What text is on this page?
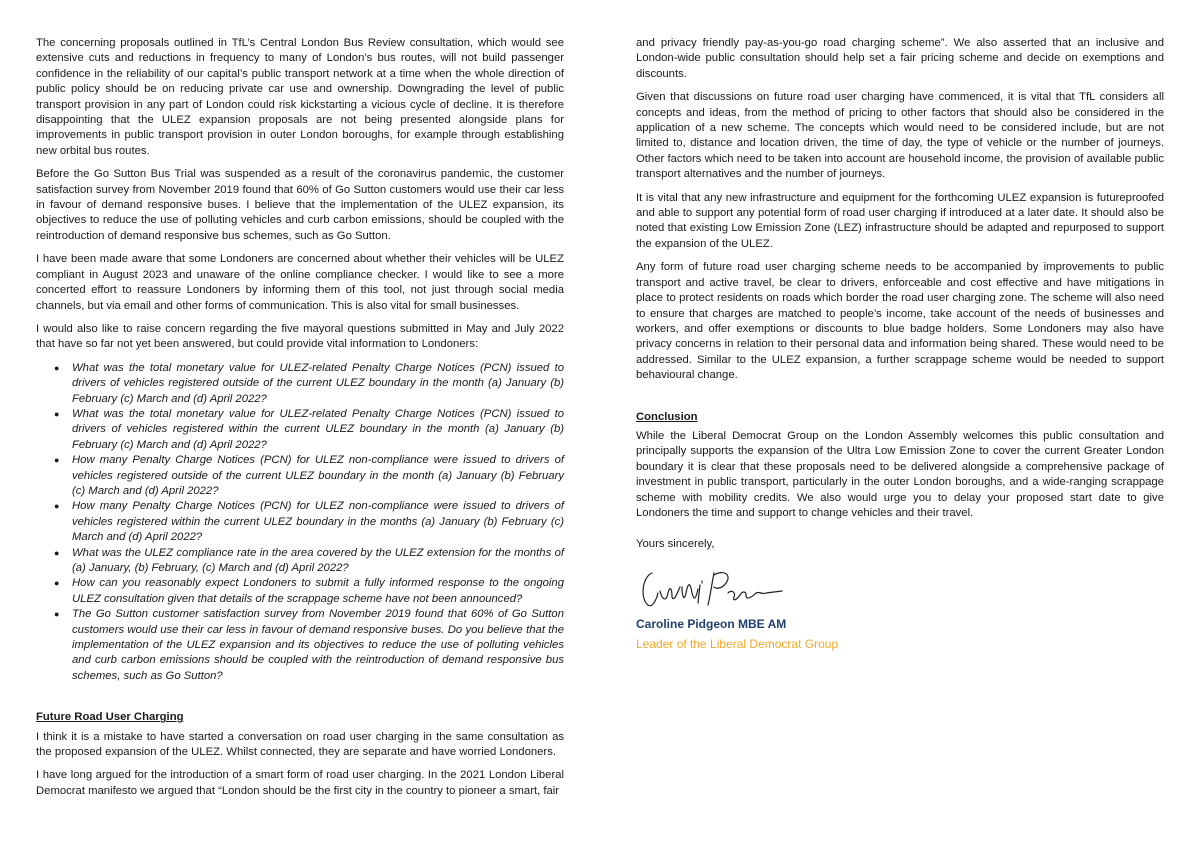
The concerning proposals outlined in TfL’s Central London Bus Review consultation, which would see extensive cuts and reductions in frequency to many of London’s bus routes, will not build passenger confidence in the reliability of our capital’s public transport network at a time when the whole direction of public policy should be on reducing private car use and ownership. Downgrading the level of public transport provision in any part of London could risk kickstarting a vicious cycle of decline. It is therefore disappointing that the ULEZ expansion proposals are not being presented alongside plans for improvements in public transport provision in outer London boroughs, for example through establishing new orbital bus routes.

Before the Go Sutton Bus Trial was suspended as a result of the coronavirus pandemic, the customer satisfaction survey from November 2019 found that 60% of Go Sutton customers would use their car less in favour of demand responsive buses. I believe that the implementation of the ULEZ expansion, its objectives to reduce the use of polluting vehicles and curb carbon emissions, should be coupled with the reintroduction of demand responsive bus schemes, such as Go Sutton.

I have been made aware that some Londoners are concerned about whether their vehicles will be ULEZ compliant in August 2023 and unaware of the online compliance checker. I would like to see a more concerted effort to reassure Londoners by informing them of this tool, not just through social media channels, but via email and other forms of communication. This is also vital for small businesses.

I would also like to raise concern regarding the five mayoral questions submitted in May and July 2022 that have so far not yet been answered, but could provide vital information to Londoners:

● What was the total monetary value for ULEZ-related Penalty Charge Notices (PCN) issued to drivers of vehicles registered outside of the current ULEZ boundary in the month (a) January (b) February (c) March and (d) April 2022?
● What was the total monetary value for ULEZ-related Penalty Charge Notices (PCN) issued to drivers of vehicles registered within the current ULEZ boundary in the month (a) January (b) February (c) March and (d) April 2022?
● How many Penalty Charge Notices (PCN) for ULEZ non-compliance were issued to drivers of vehicles registered outside of the current ULEZ boundary in the month (a) January (b) February (c) March and (d) April 2022?
● How many Penalty Charge Notices (PCN) for ULEZ non-compliance were issued to drivers of vehicles registered within the current ULEZ boundary in the months (a) January (b) February (c) March and (d) April 2022?
● What was the ULEZ compliance rate in the area covered by the ULEZ extension for the months of (a) January, (b) February, (c) March and (d) April 2022?
● How can you reasonably expect Londoners to submit a fully informed response to the ongoing ULEZ consultation given that details of the scrappage scheme have not been announced?
● The Go Sutton customer satisfaction survey from November 2019 found that 60% of Go Sutton customers would use their car less in favour of demand responsive buses. Do you believe that the implementation of the ULEZ expansion and its objectives to reduce the use of polluting vehicles and curb carbon emissions should be coupled with the reintroduction of demand responsive bus schemes, such as Go Sutton?
Future Road User Charging

I think it is a mistake to have started a conversation on road user charging in the same consultation as the proposed expansion of the ULEZ. Whilst connected, they are separate and have worried Londoners.

I have long argued for the introduction of a smart form of road user charging. In the 2021 London Liberal Democrat manifesto we argued that “London should be the first city in the country to pioneer a smart, fair

and privacy friendly pay-as-you-go road charging scheme”. We also asserted that an inclusive and London-wide public consultation should help set a fair pricing scheme and decide on exemptions and discounts.

Given that discussions on future road user charging have commenced, it is vital that TfL considers all concepts and ideas, from the method of pricing to other factors that should also be considered in the application of a new scheme. The concepts which would need to be considered include, but are not limited to, distance and location driven, the time of day, the type of vehicle or the number of journeys. Other factors which need to be taken into account are household income, the provision of available public transport alternatives and the number of journeys.

It is vital that any new infrastructure and equipment for the forthcoming ULEZ expansion is futureproofed and able to support any potential form of road user charging if introduced at a later date. It should also be noted that existing Low Emission Zone (LEZ) infrastructure should be adapted and repurposed to support the expansion of the ULEZ.

Any form of future road user charging scheme needs to be accompanied by improvements to public transport and active travel, be clear to drivers, enforceable and cost effective and have mitigations in place to protect residents on roads which border the road user charging zone. The scheme will also need to ensure that charges are matched to people’s income, take account of the needs of businesses and workers, and offer exemptions or discounts to blue badge holders. Some Londoners may also have privacy concerns in relation to their personal data and information being shared. These would need to be addressed. Similar to the ULEZ expansion, a further scrappage scheme would be needed to support behavioural change.

Conclusion

While the Liberal Democrat Group on the London Assembly welcomes this public consultation and principally supports the expansion of the Ultra Low Emission Zone to cover the current Greater London boundary it is clear that these proposals need to be delivered alongside a comprehensive package of investment in public transport, particularly in the outer London boroughs, and a wide-ranging scrappage scheme with mobility credits. We also would urge you to delay your proposed start date to give Londoners the time and support to change vehicles and their travel.

Yours sincerely,

Caroline Pidgeon MBE AM
Leader of the Liberal Democrat Group
